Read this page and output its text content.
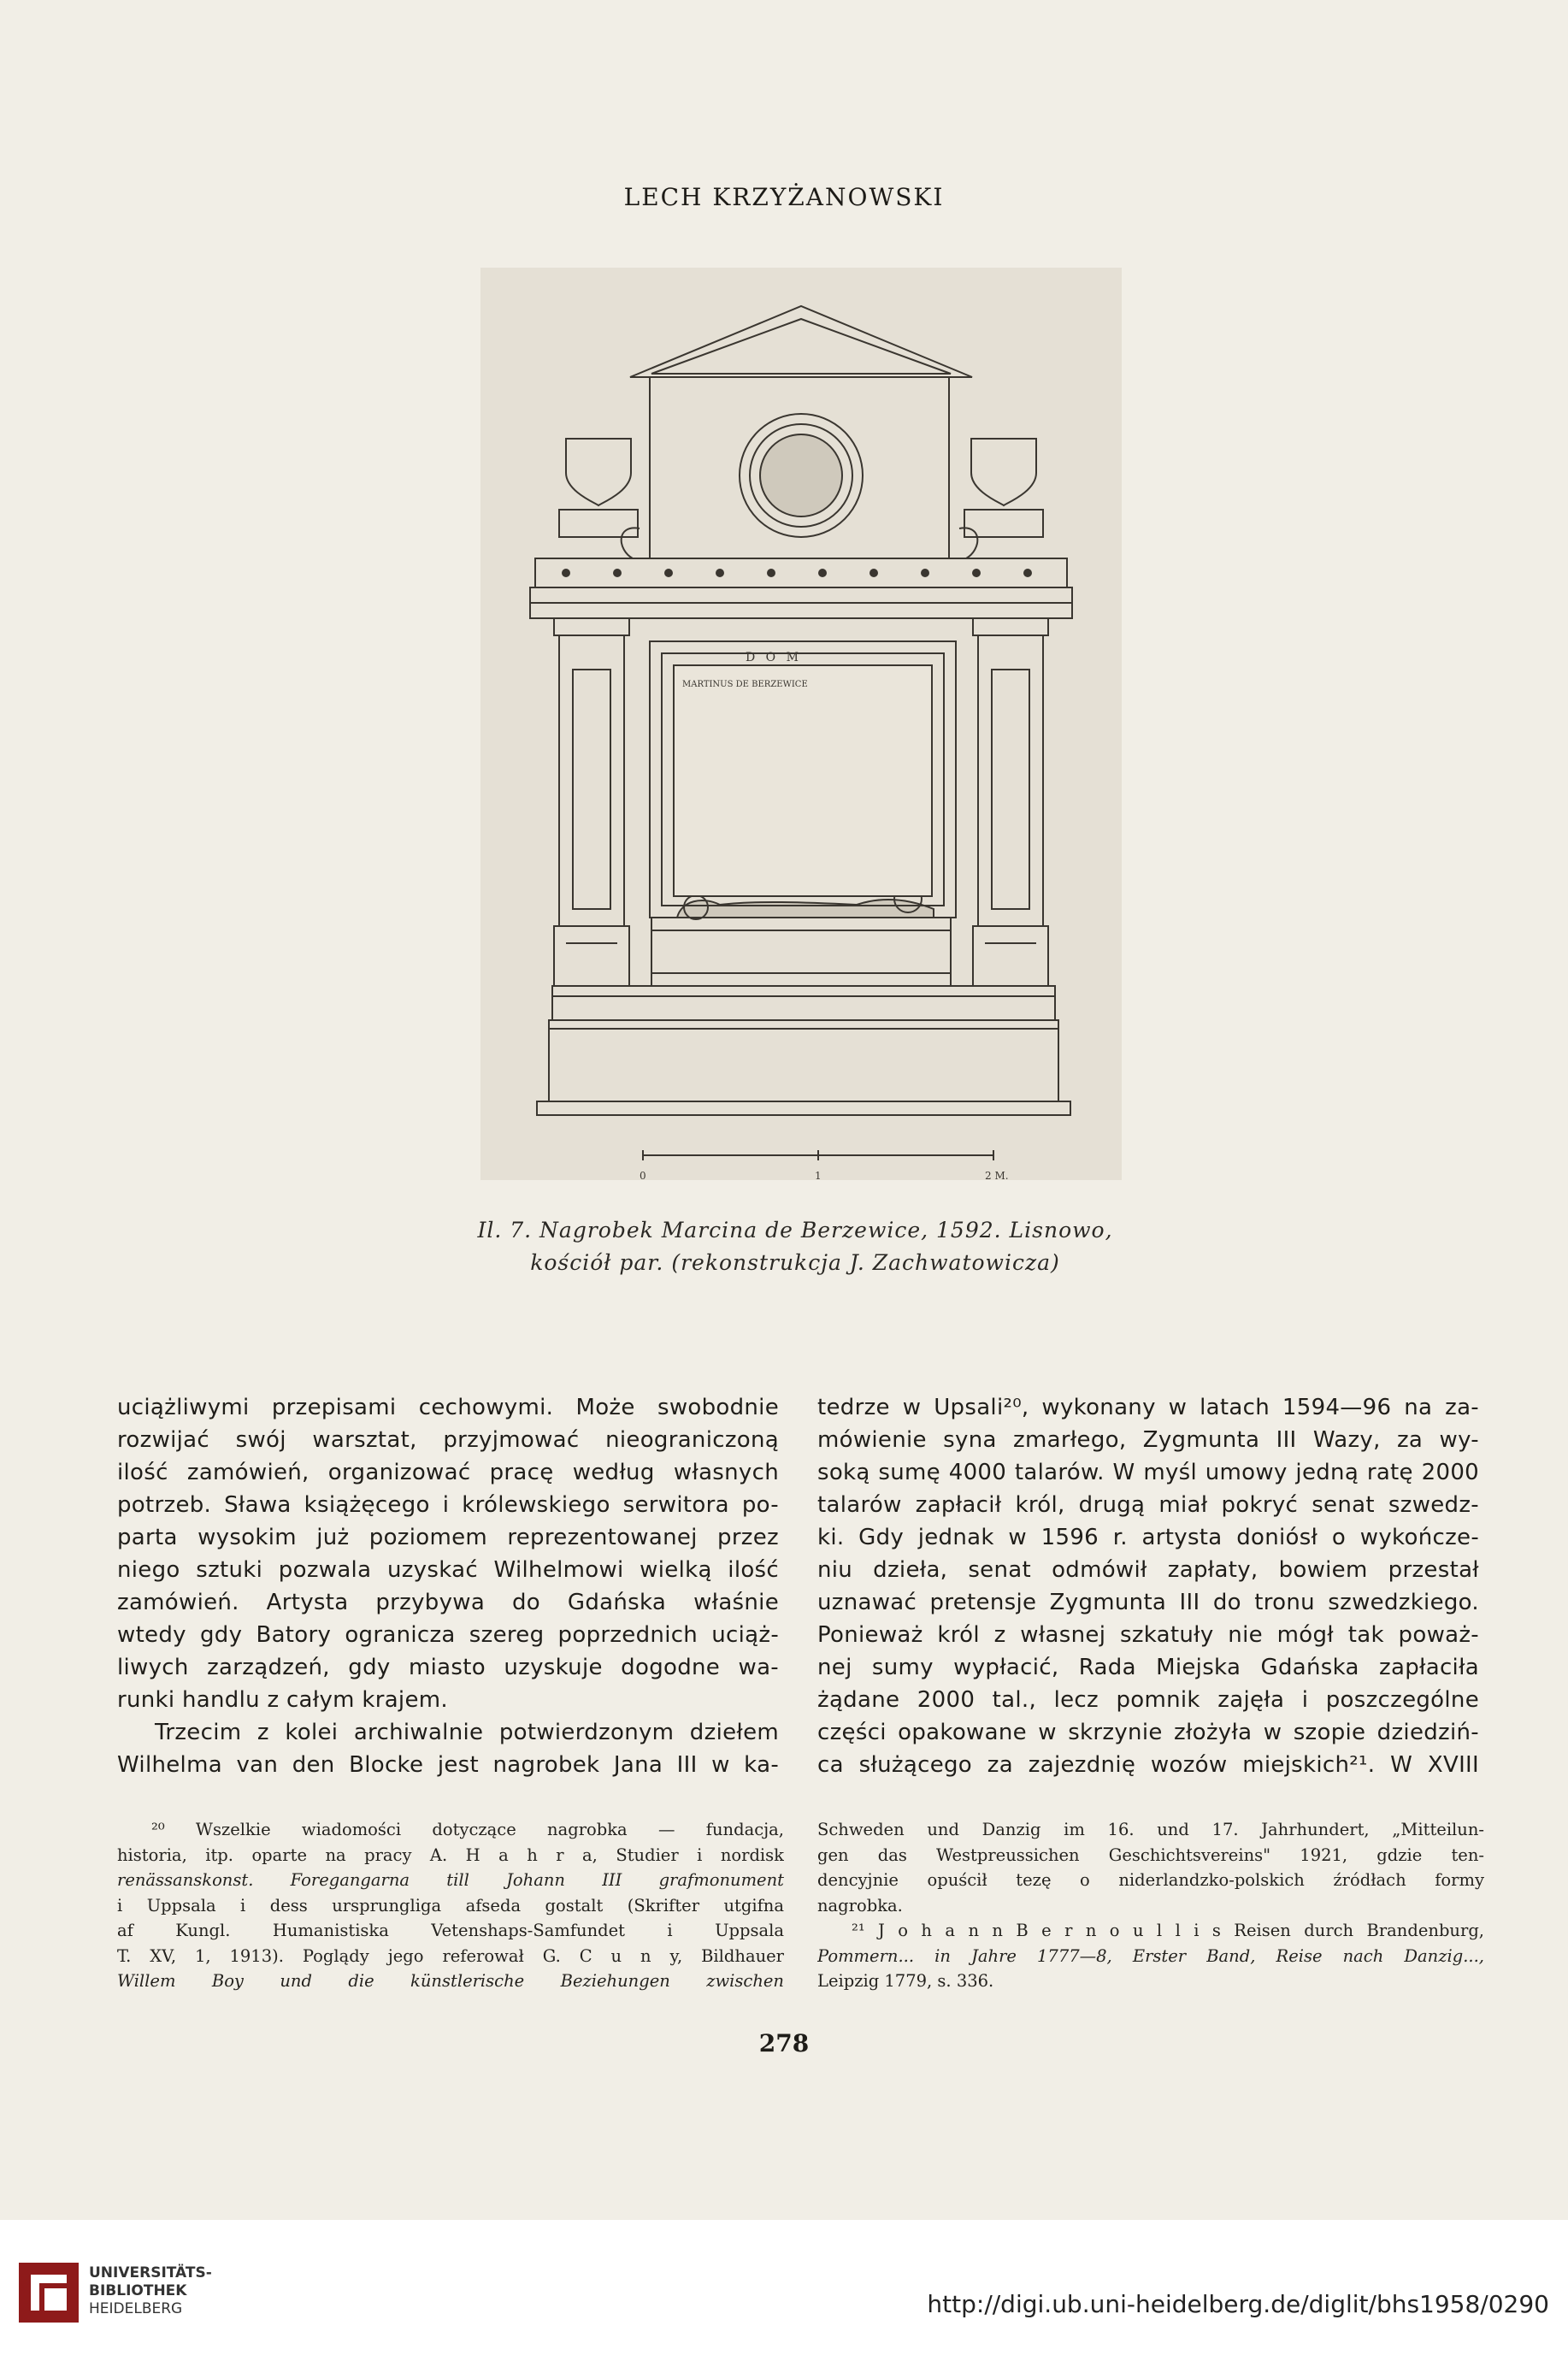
LECH KRZYŻANOWSKI
D O M
MARTINUS DE BERZEWICE
0	1	2 M.
Il. 7. Nagrobek Marcina de Berzewice, 1592. Lisnowo,
kościół par. (rekonstrukcja J. Zachwatowicza)
uciążliwymi przepisami cechowymi. Może swobodnie
rozwijać swój warsztat, przyjmować nieograniczoną
ilość zamówień, organizować pracę według własnych
potrzeb. Sława książęcego i królewskiego serwitora po-
parta wysokim już poziomem reprezentowanej przez
niego sztuki pozwala uzyskać Wilhelmowi wielką ilość
zamówień. Artysta przybywa do Gdańska właśnie
wtedy gdy Batory ogranicza szereg poprzednich uciąż-
liwych zarządzeń, gdy miasto uzyskuje dogodne wa-
runki handlu z całym krajem.
Trzecim z kolei archiwalnie potwierdzonym dziełem
Wilhelma van den Blocke jest nagrobek Jana III w ka-
tedrze w Upsali²⁰, wykonany w latach 1594—96 na za-
mówienie syna zmarłego, Zygmunta III Wazy, za wy-
soką sumę 4000 talarów. W myśl umowy jedną ratę 2000
talarów zapłacił król, drugą miał pokryć senat szwedz-
ki. Gdy jednak w 1596 r. artysta doniósł o wykończe-
niu dzieła, senat odmówił zapłaty, bowiem przestał
uznawać pretensje Zygmunta III do tronu szwedzkiego.
Ponieważ król z własnej szkatuły nie mógł tak poważ-
nej sumy wypłacić, Rada Miejska Gdańska zapłaciła
żądane 2000 tal., lecz pomnik zajęła i poszczególne
części opakowane w skrzynie złożyła w szopie dziedziń-
ca służącego za zajezdnię wozów miejskich²¹. W XVIII
²⁰ Wszelkie wiadomości dotyczące nagrobka — fundacja,
historia, itp. oparte na pracy A. H a h r a, Studier i nordisk
renässanskonst. Foregangarna till Johann III grafmonument
i Uppsala i dess ursprungliga afseda gostalt (Skrifter utgifna
af Kungl. Humanistiska Vetenshaps-Samfundet i Uppsala
T. XV, 1, 1913). Poglądy jego referował G. C u n y, Bildhauer
Willem Boy und die künstlerische Beziehungen zwischen
Schweden und Danzig im 16. und 17. Jahrhundert, „Mitteilun-
gen das Westpreussichen Geschichtsvereins" 1921, gdzie ten-
dencyjnie opuścił tezę o niderlandzko-polskich źródłach formy
nagrobka.
²¹ J o h a n n B e r n o u l l i s Reisen durch Brandenburg,
Pommern... in Jahre 1777—8, Erster Band, Reise nach Danzig...,
Leipzig 1779, s. 336.
278
UNIVERSITÄTS-
BIBLIOTHEK
HEIDELBERG	http://digi.ub.uni-heidelberg.de/diglit/bhs1958/0290
